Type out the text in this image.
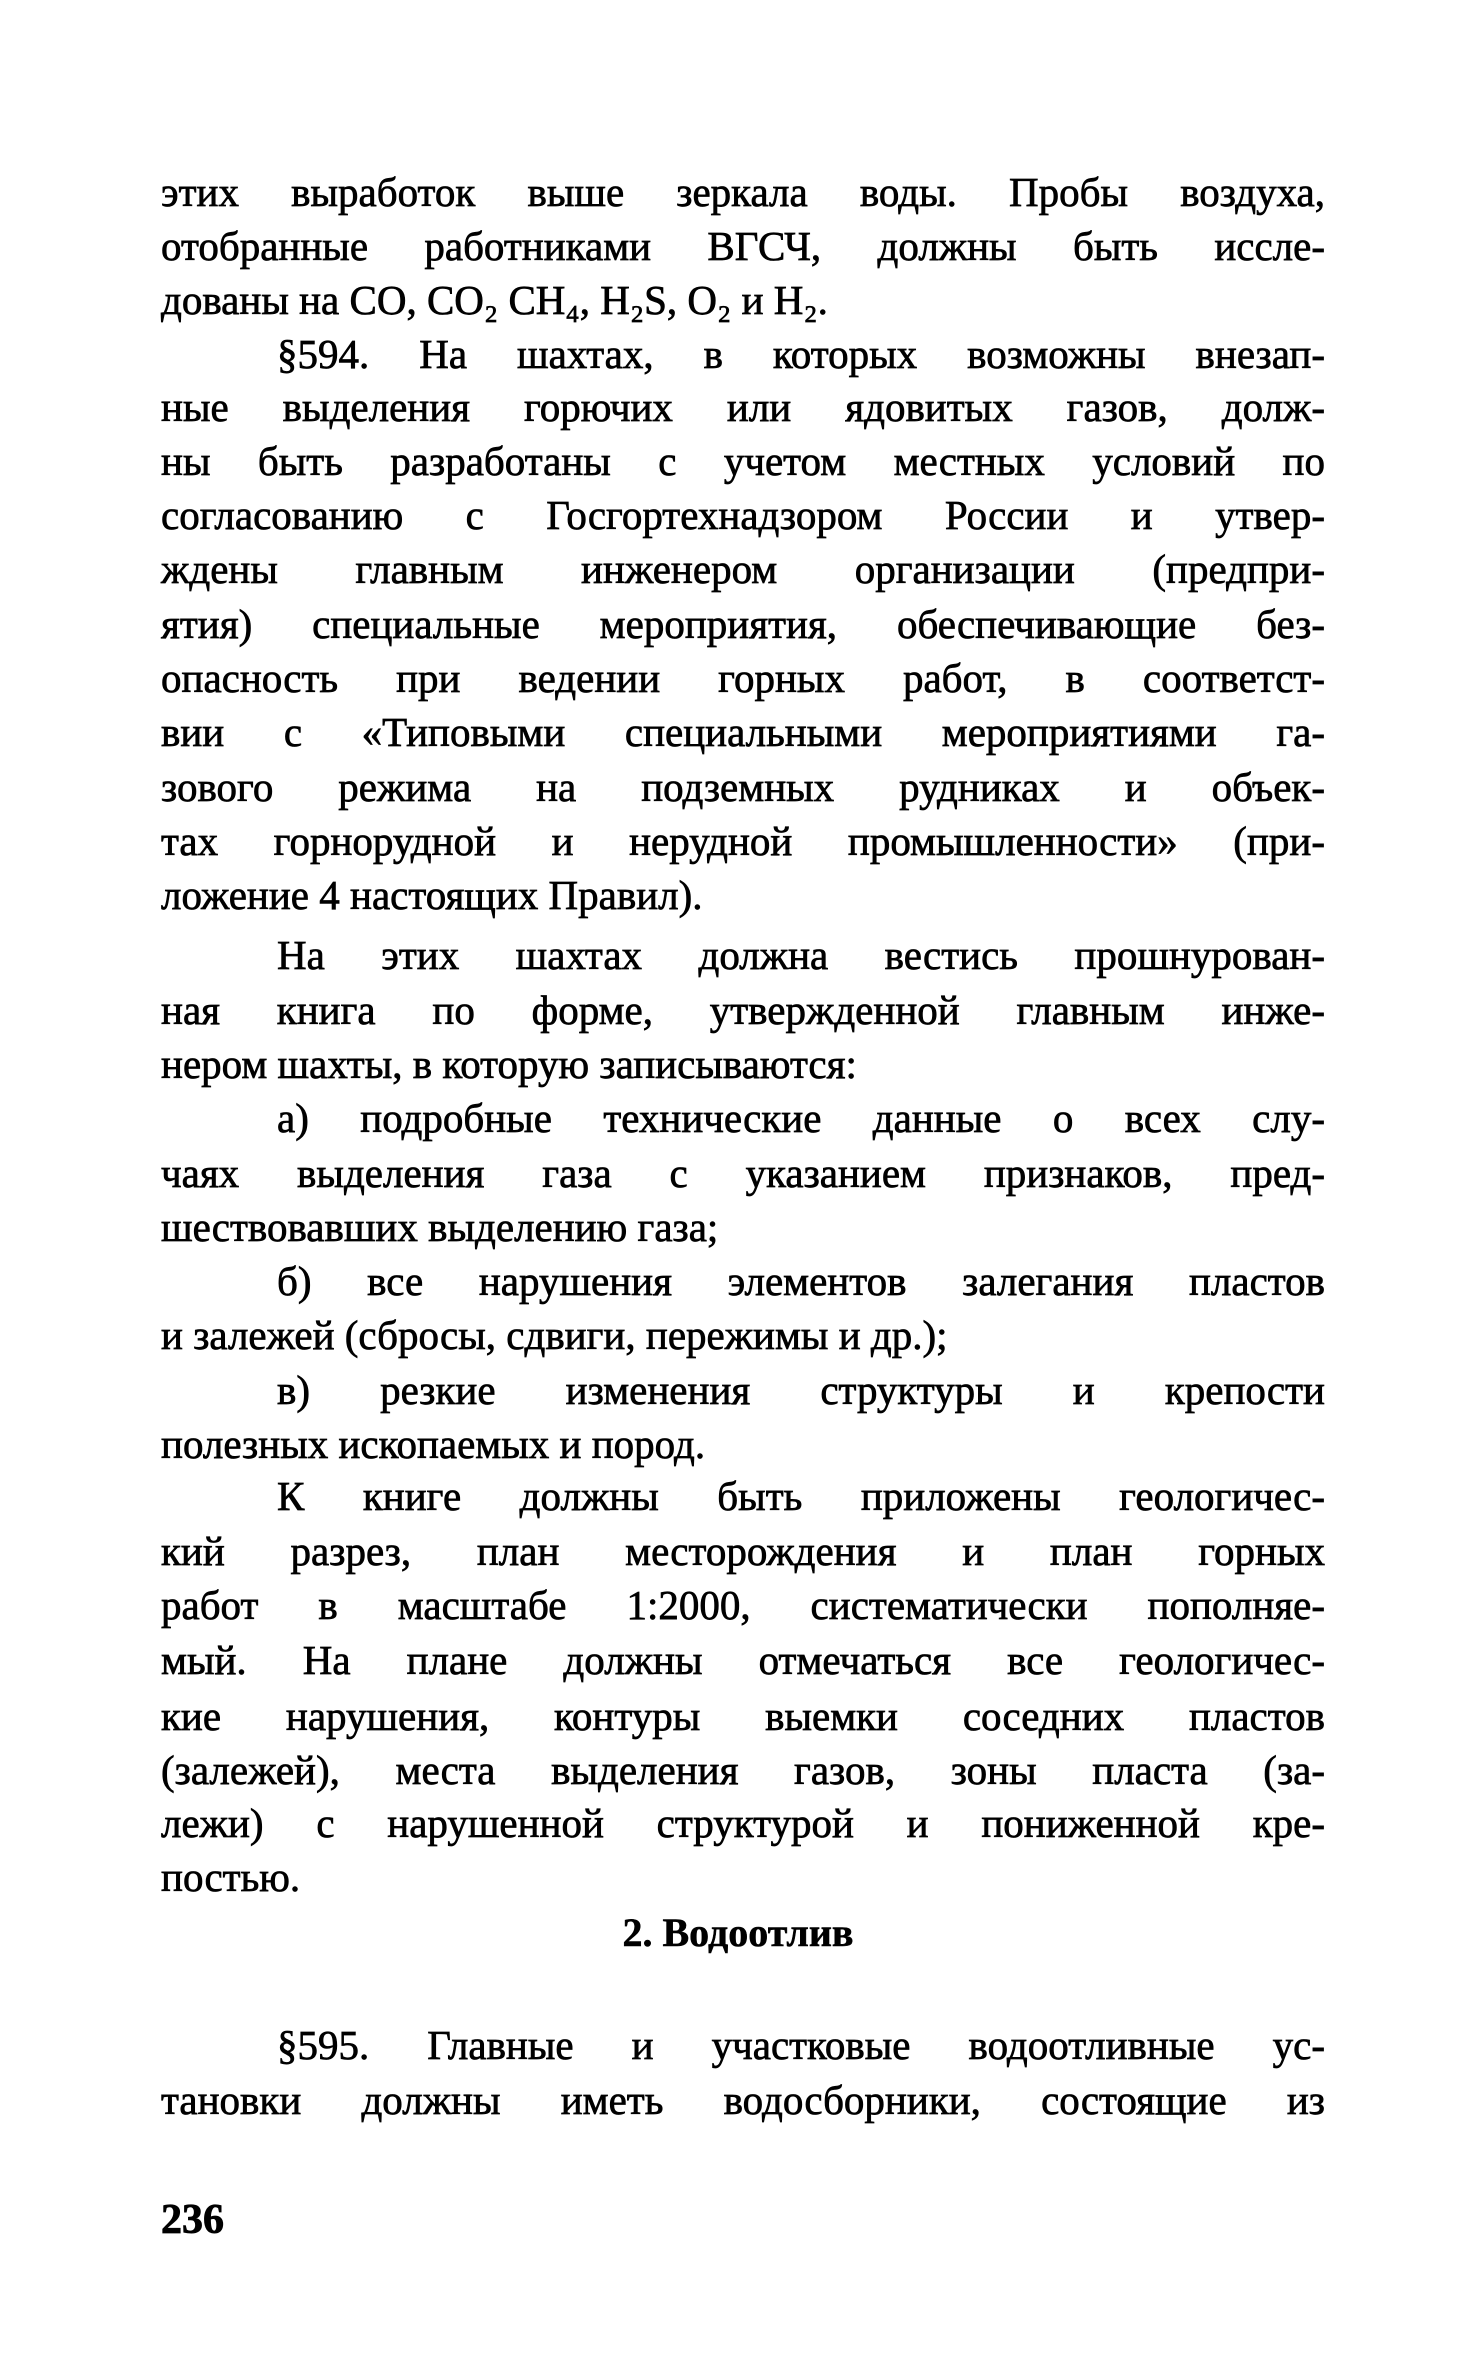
этих выработок выше зеркала воды. Пробы воздуха,
отобранные работниками ВГСЧ, должны быть иссле-
дованы на CO, CO₂ CH₄, H₂S, O₂ и H₂.
§594. На шахтах, в которых возможны внезап-
ные выделения горючих или ядовитых газов, долж-
ны быть разработаны с учетом местных условий по
согласованию с Госгортехнадзором России и утвер-
ждены главным инженером организации (предпри-
ятия) специальные мероприятия, обеспечивающие без-
опасность при ведении горных работ, в соответст-
вии с «Типовыми специальными мероприятиями га-
зового режима на подземных рудниках и объек-
тах горнорудной и нерудной промышленности» (при-
ложение 4 настоящих Правил).
На этих шахтах должна вестись прошнурован-
ная книга по форме, утвержденной главным инже-
нером шахты, в которую записываются:
а) подробные технические данные о всех слу-
чаях выделения газа с указанием признаков, пред-
шествовавших выделению газа;
б) все нарушения элементов залегания пластов
и залежей (сбросы, сдвиги, пережимы и др.);
в) резкие изменения структуры и крепости
полезных ископаемых и пород.
К книге должны быть приложены геологичес-
кий разрез, план месторождения и план горных
работ в масштабе 1:2000, систематически пополняе-
мый. На плане должны отмечаться все геологичес-
кие нарушения, контуры выемки соседних пластов
(залежей), места выделения газов, зоны пласта (за-
лежи) с нарушенной структурой и пониженной кре-
постью.
2. Водоотлив
§595. Главные и участковые водоотливные ус-
тановки должны иметь водосборники, состоящие из
236
